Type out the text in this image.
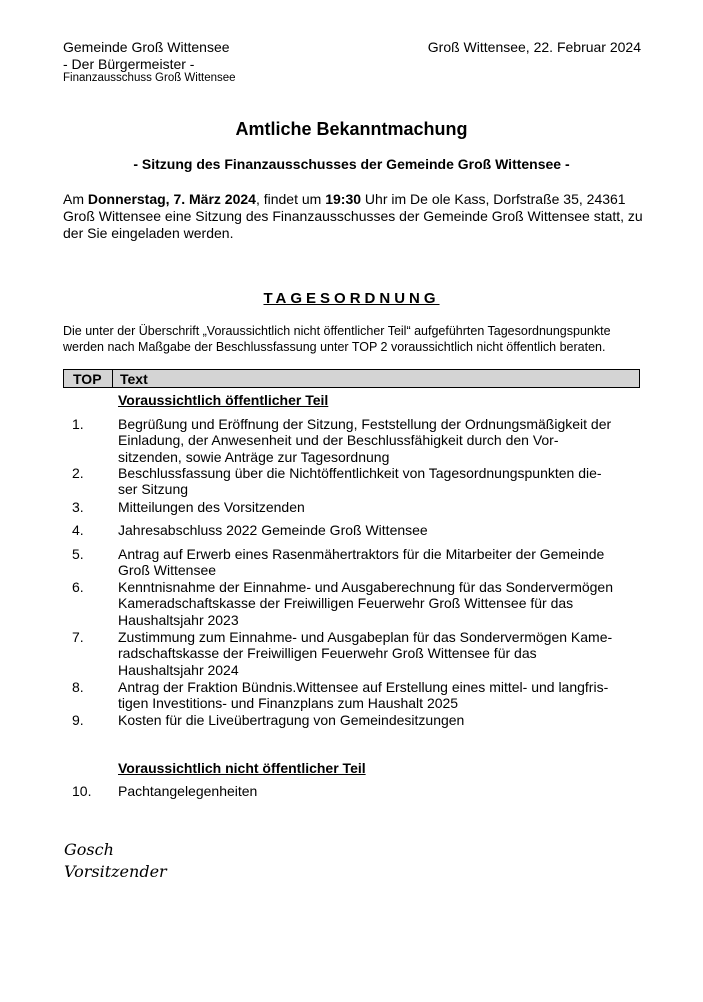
Gemeinde Groß Wittensee
- Der Bürgermeister -
Finanzausschuss Groß Wittensee
Groß Wittensee, 22. Februar 2024
Amtliche Bekanntmachung
- Sitzung des Finanzausschusses der Gemeinde Groß Wittensee -
Am Donnerstag, 7. März 2024, findet um 19:30 Uhr im De ole Kass, Dorfstraße 35, 24361 Groß Wittensee eine Sitzung des Finanzausschusses der Gemeinde Groß Wittensee statt, zu der Sie eingeladen werden.
TAGESORDNUNG
Die unter der Überschrift „Voraussichtlich nicht öffentlicher Teil“ aufgeführten Tagesordnungspunkte werden nach Maßgabe der Beschlussfassung unter TOP 2 voraussichtlich nicht öffentlich beraten.
TOP Text
Voraussichtlich öffentlicher Teil
1.	Begrüßung und Eröffnung der Sitzung, Feststellung der Ordnungsmäßigkeit der
Einladung, der Anwesenheit und der Beschlussfähigkeit durch den Vor-
sitzenden, sowie Anträge zur Tagesordnung
2.	Beschlussfassung über die Nichtöffentlichkeit von Tagesordnungspunkten die-
ser Sitzung
3.	Mitteilungen des Vorsitzenden
4.	Jahresabschluss 2022 Gemeinde Groß Wittensee
5.	Antrag auf Erwerb eines Rasenmähertraktors für die Mitarbeiter der Gemeinde
Groß Wittensee
6.	Kenntnisnahme der Einnahme- und Ausgaberechnung für das Sondervermögen
Kameradschaftskasse der Freiwilligen Feuerwehr Groß Wittensee für das
Haushaltsjahr 2023
7.	Zustimmung zum Einnahme- und Ausgabeplan für das Sondervermögen Kame-
radschaftskasse der Freiwilligen Feuerwehr Groß Wittensee für das
Haushaltsjahr 2024
8.	Antrag der Fraktion Bündnis.Wittensee auf Erstellung eines mittel- und langfris-
tigen Investitions- und Finanzplans zum Haushalt 2025
9.	Kosten für die Liveübertragung von Gemeindesitzungen
Voraussichtlich nicht öffentlicher Teil
10.	Pachtangelegenheiten
Gosch
Vorsitzender
